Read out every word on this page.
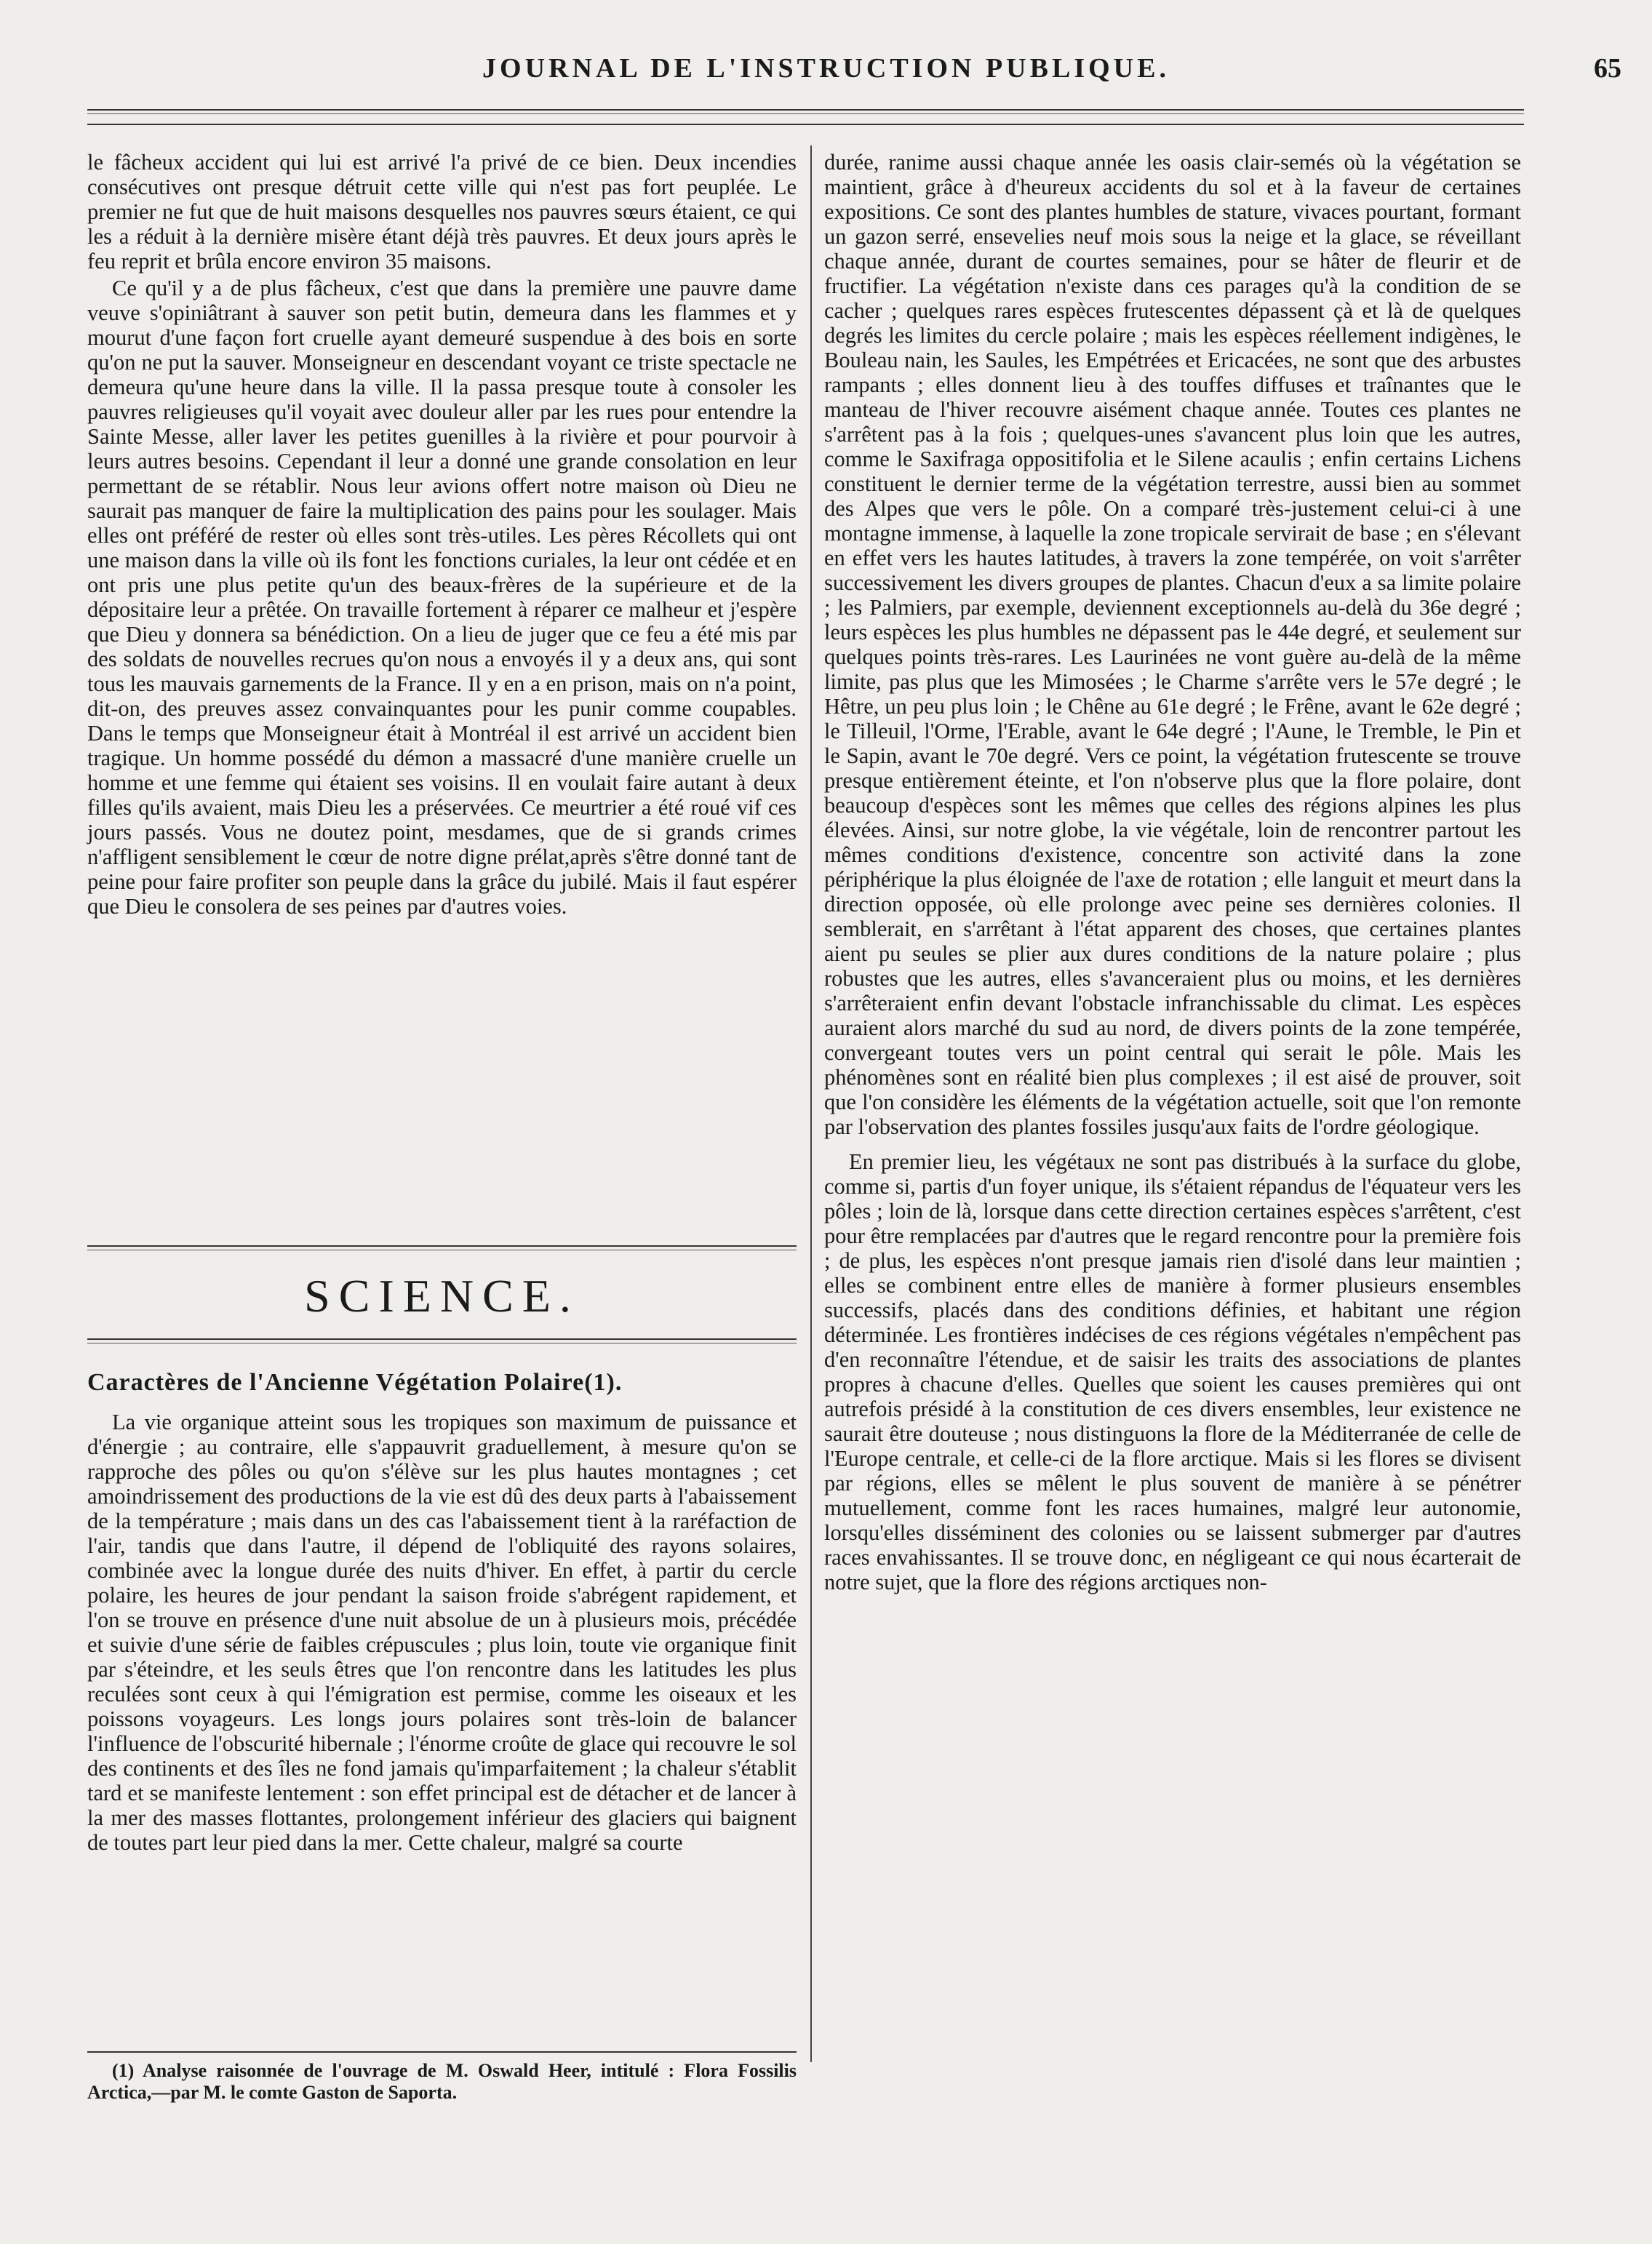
JOURNAL DE L'INSTRUCTION PUBLIQUE.	65

le fâcheux accident qui lui est arrivé l'a privé de ce bien. Deux incendies consécutives ont presque détruit cette ville qui n'est pas fort peuplée. Le premier ne fut que de huit maisons desquelles nos pauvres sœurs étaient, ce qui les a réduit à la dernière misère étant déjà très pauvres. Et deux jours après le feu reprit et brûla encore environ 35 maisons.

Ce qu'il y a de plus fâcheux, c'est que dans la première une pauvre dame veuve s'opiniâtrant à sauver son petit butin, demeura dans les flammes et y mourut d'une façon fort cruelle ayant demeuré suspendue à des bois en sorte qu'on ne put la sauver. Monseigneur en descendant voyant ce triste spectacle ne demeura qu'une heure dans la ville. Il la passa presque toute à consoler les pauvres religieuses qu'il voyait avec douleur aller par les rues pour entendre la Sainte Messe, aller laver les petites guenilles à la rivière et pour pourvoir à leurs autres besoins. Cependant il leur a donné une grande consolation en leur permettant de se rétablir. Nous leur avions offert notre maison où Dieu ne saurait pas manquer de faire la multiplication des pains pour les soulager. Mais elles ont préféré de rester où elles sont très-utiles. Les pères Récollets qui ont une maison dans la ville où ils font les fonctions curiales, la leur ont cédée et en ont pris une plus petite qu'un des beaux-frères de la supérieure et de la dépositaire leur a prêtée. On travaille fortement à réparer ce malheur et j'espère que Dieu y donnera sa bénédiction. On a lieu de juger que ce feu a été mis par des soldats de nouvelles recrues qu'on nous a envoyés il y a deux ans, qui sont tous les mauvais garnements de la France. Il y en a en prison, mais on n'a point, dit-on, des preuves assez convainquantes pour les punir comme coupables. Dans le temps que Monseigneur était à Montréal il est arrivé un accident bien tragique. Un homme possédé du démon a massacré d'une manière cruelle un homme et une femme qui étaient ses voisins. Il en voulait faire autant à deux filles qu'ils avaient, mais Dieu les a préservées. Ce meurtrier a été roué vif ces jours passés. Vous ne doutez point, mesdames, que de si grands crimes n'affligent sensiblement le cœur de notre digne prélat,après s'être donné tant de peine pour faire profiter son peuple dans la grâce du jubilé. Mais il faut espérer que Dieu le consolera de ses peines par d'autres voies.

SCIENCE.
Caractères de l'Ancienne Végétation Polaire(1).

La vie organique atteint sous les tropiques son maximum de puissance et d'énergie ; au contraire, elle s'appauvrit graduellement, à mesure qu'on se rapproche des pôles ou qu'on s'élève sur les plus hautes montagnes ; cet amoindrissement des productions de la vie est dû des deux parts à l'abaissement de la température ; mais dans un des cas l'abaissement tient à la raréfaction de l'air, tandis que dans l'autre, il dépend de l'obliquité des rayons solaires, combinée avec la longue durée des nuits d'hiver. En effet, à partir du cercle polaire, les heures de jour pendant la saison froide s'abrégent rapidement, et l'on se trouve en présence d'une nuit absolue de un à plusieurs mois, précédée et suivie d'une série de faibles crépuscules ; plus loin, toute vie organique finit par s'éteindre, et les seuls êtres que l'on rencontre dans les latitudes les plus reculées sont ceux à qui l'émigration est permise, comme les oiseaux et les poissons voyageurs. Les longs jours polaires sont très-loin de balancer l'influence de l'obscurité hibernale ; l'énorme croûte de glace qui recouvre le sol des continents et des îles ne fond jamais qu'imparfaitement ; la chaleur s'établit tard et se manifeste lentement : son effet principal est de détacher et de lancer à la mer des masses flottantes, prolongement inférieur des glaciers qui baignent de toutes part leur pied dans la mer. Cette chaleur, malgré sa courte

(1) Analyse raisonnée de l'ouvrage de M. Oswald Heer, intitulé : Flora Fossilis Arctica,—par M. le comte Gaston de Saporta.

durée, ranime aussi chaque année les oasis clair-semés où la végétation se maintient, grâce à d'heureux accidents du sol et à la faveur de certaines expositions. Ce sont des plantes humbles de stature, vivaces pourtant, formant un gazon serré, ensevelies neuf mois sous la neige et la glace, se réveillant chaque année, durant de courtes semaines, pour se hâter de fleurir et de fructifier. La végétation n'existe dans ces parages qu'à la condition de se cacher ; quelques rares espèces frutescentes dépassent çà et là de quelques degrés les limites du cercle polaire ; mais les espèces réellement indigènes, le Bouleau nain, les Saules, les Empétrées et Ericacées, ne sont que des arbustes rampants ; elles donnent lieu à des touffes diffuses et traînantes que le manteau de l'hiver recouvre aisément chaque année. Toutes ces plantes ne s'arrêtent pas à la fois ; quelques-unes s'avancent plus loin que les autres, comme le Saxifraga oppositifolia et le Silene acaulis ; enfin certains Lichens constituent le dernier terme de la végétation terrestre, aussi bien au sommet des Alpes que vers le pôle. On a comparé très-justement celui-ci à une montagne immense, à laquelle la zone tropicale servirait de base ; en s'élevant en effet vers les hautes latitudes, à travers la zone tempérée, on voit s'arrêter successivement les divers groupes de plantes. Chacun d'eux a sa limite polaire ; les Palmiers, par exemple, deviennent exceptionnels au-delà du 36e degré ; leurs espèces les plus humbles ne dépassent pas le 44e degré, et seulement sur quelques points très-rares. Les Laurinées ne vont guère au-delà de la même limite, pas plus que les Mimosées ; le Charme s'arrête vers le 57e degré ; le Hêtre, un peu plus loin ; le Chêne au 61e degré ; le Frêne, avant le 62e degré ; le Tilleuil, l'Orme, l'Erable, avant le 64e degré ; l'Aune, le Tremble, le Pin et le Sapin, avant le 70e degré. Vers ce point, la végétation frutescente se trouve presque entièrement éteinte, et l'on n'observe plus que la flore polaire, dont beaucoup d'espèces sont les mêmes que celles des régions alpines les plus élevées. Ainsi, sur notre globe, la vie végétale, loin de rencontrer partout les mêmes conditions d'existence, concentre son activité dans la zone périphérique la plus éloignée de l'axe de rotation ; elle languit et meurt dans la direction opposée, où elle prolonge avec peine ses dernières colonies. Il semblerait, en s'arrêtant à l'état apparent des choses, que certaines plantes aient pu seules se plier aux dures conditions de la nature polaire ; plus robustes que les autres, elles s'avanceraient plus ou moins, et les dernières s'arrêteraient enfin devant l'obstacle infranchissable du climat. Les espèces auraient alors marché du sud au nord, de divers points de la zone tempérée, convergeant toutes vers un point central qui serait le pôle. Mais les phénomènes sont en réalité bien plus complexes ; il est aisé de prouver, soit que l'on considère les éléments de la végétation actuelle, soit que l'on remonte par l'observation des plantes fossiles jusqu'aux faits de l'ordre géologique.

En premier lieu, les végétaux ne sont pas distribués à la surface du globe, comme si, partis d'un foyer unique, ils s'étaient répandus de l'équateur vers les pôles ; loin de là, lorsque dans cette direction certaines espèces s'arrêtent, c'est pour être remplacées par d'autres que le regard rencontre pour la première fois ; de plus, les espèces n'ont presque jamais rien d'isolé dans leur maintien ; elles se combinent entre elles de manière à former plusieurs ensembles successifs, placés dans des conditions définies, et habitant une région déterminée. Les frontières indécises de ces régions végétales n'empêchent pas d'en reconnaître l'étendue, et de saisir les traits des associations de plantes propres à chacune d'elles. Quelles que soient les causes premières qui ont autrefois présidé à la constitution de ces divers ensembles, leur existence ne saurait être douteuse ; nous distinguons la flore de la Méditerranée de celle de l'Europe centrale, et celle-ci de la flore arctique. Mais si les flores se divisent par régions, elles se mêlent le plus souvent de manière à se pénétrer mutuellement, comme font les races humaines, malgré leur autonomie, lorsqu'elles disséminent des colonies ou se laissent submerger par d'autres races envahissantes. Il se trouve donc, en négligeant ce qui nous écarterait de notre sujet, que la flore des régions arctiques non-
